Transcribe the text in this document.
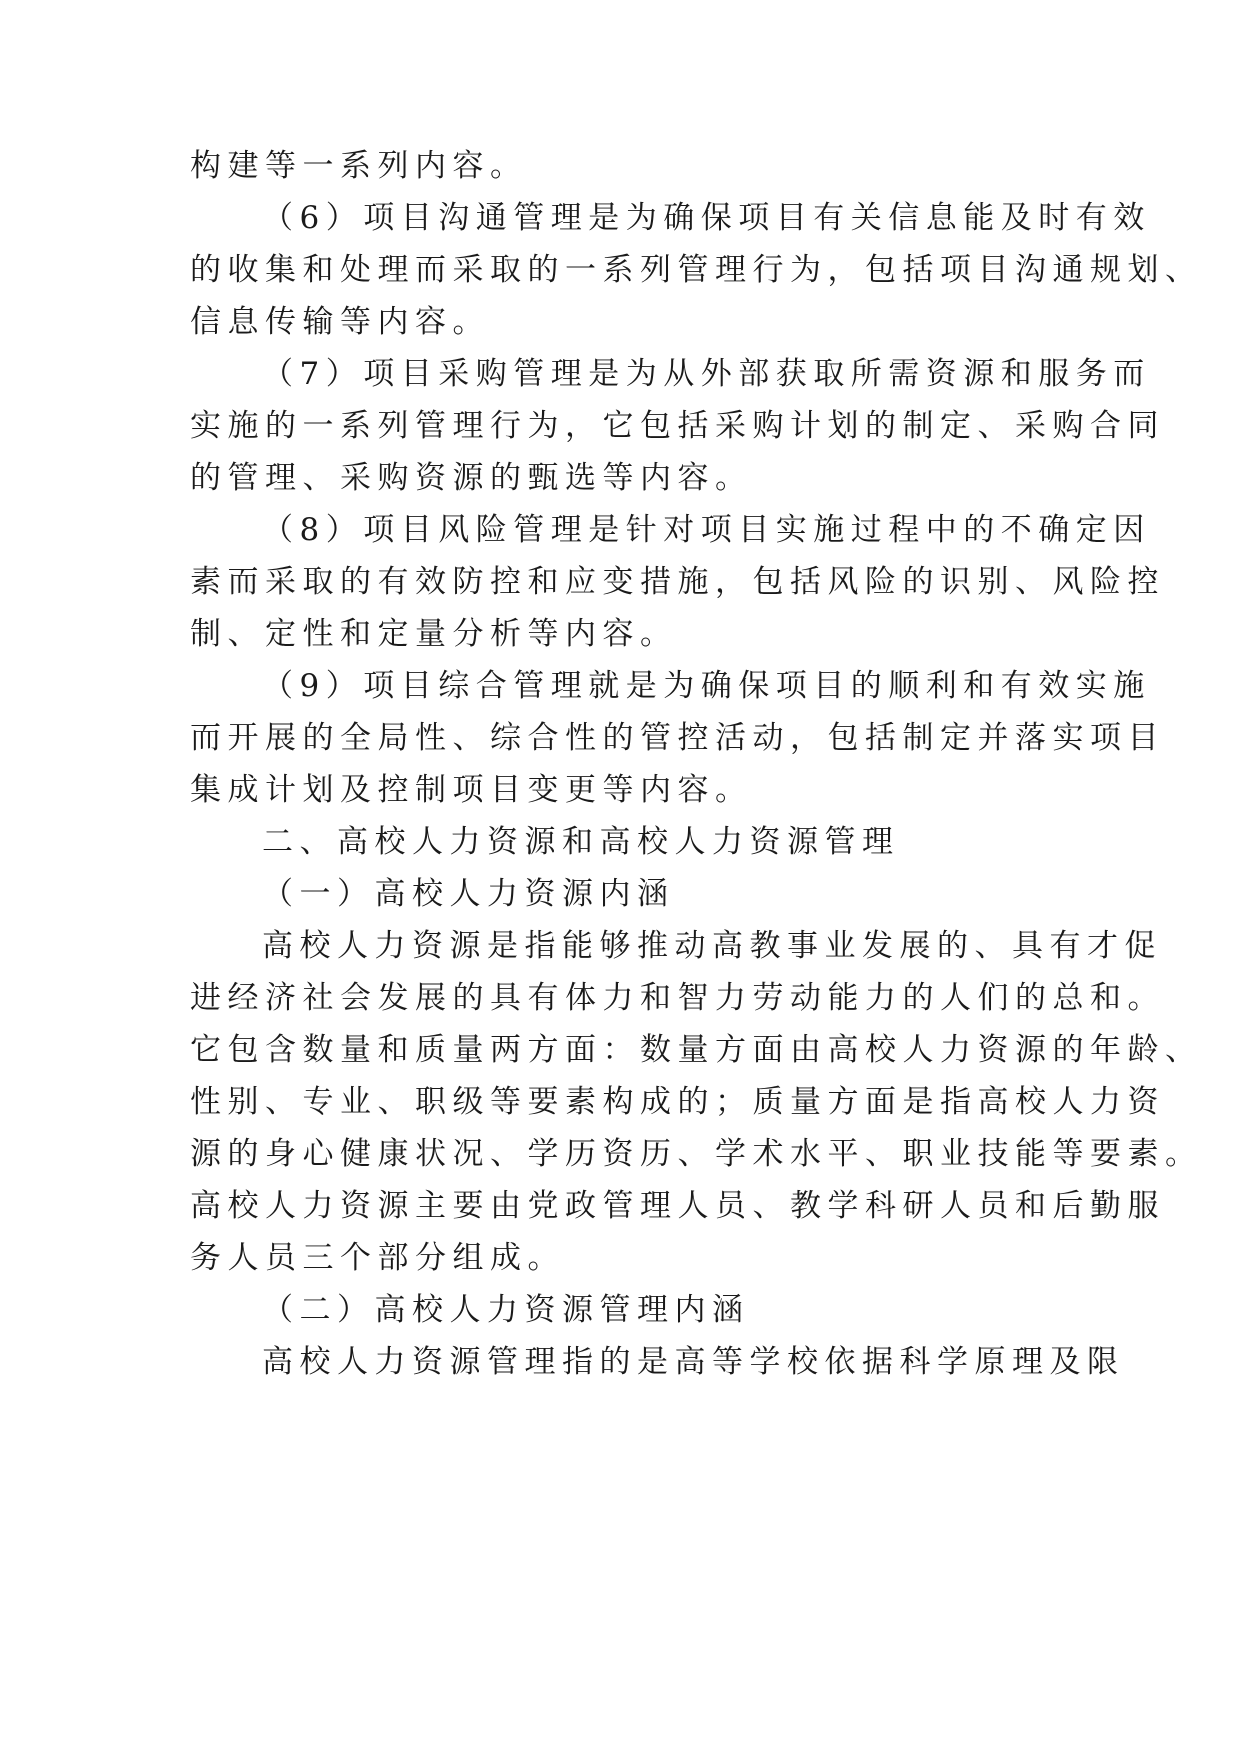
构建等一系列内容。
（6）项目沟通管理是为确保项目有关信息能及时有效
的收集和处理而采取的一系列管理行为，包括项目沟通规划、
信息传输等内容。
（7）项目采购管理是为从外部获取所需资源和服务而
实施的一系列管理行为，它包括采购计划的制定、采购合同
的管理、采购资源的甄选等内容。
（8）项目风险管理是针对项目实施过程中的不确定因
素而采取的有效防控和应变措施，包括风险的识别、风险控
制、定性和定量分析等内容。
（9）项目综合管理就是为确保项目的顺利和有效实施
而开展的全局性、综合性的管控活动，包括制定并落实项目
集成计划及控制项目变更等内容。
二、高校人力资源和高校人力资源管理
（一）高校人力资源内涵
高校人力资源是指能够推动高教事业发展的、具有才促
进经济社会发展的具有体力和智力劳动能力的人们的总和。
它包含数量和质量两方面：数量方面由高校人力资源的年龄、
性别、专业、职级等要素构成的；质量方面是指高校人力资
源的身心健康状况、学历资历、学术水平、职业技能等要素。
高校人力资源主要由党政管理人员、教学科研人员和后勤服
务人员三个部分组成。
（二）高校人力资源管理内涵
高校人力资源管理指的是高等学校依据科学原理及限
